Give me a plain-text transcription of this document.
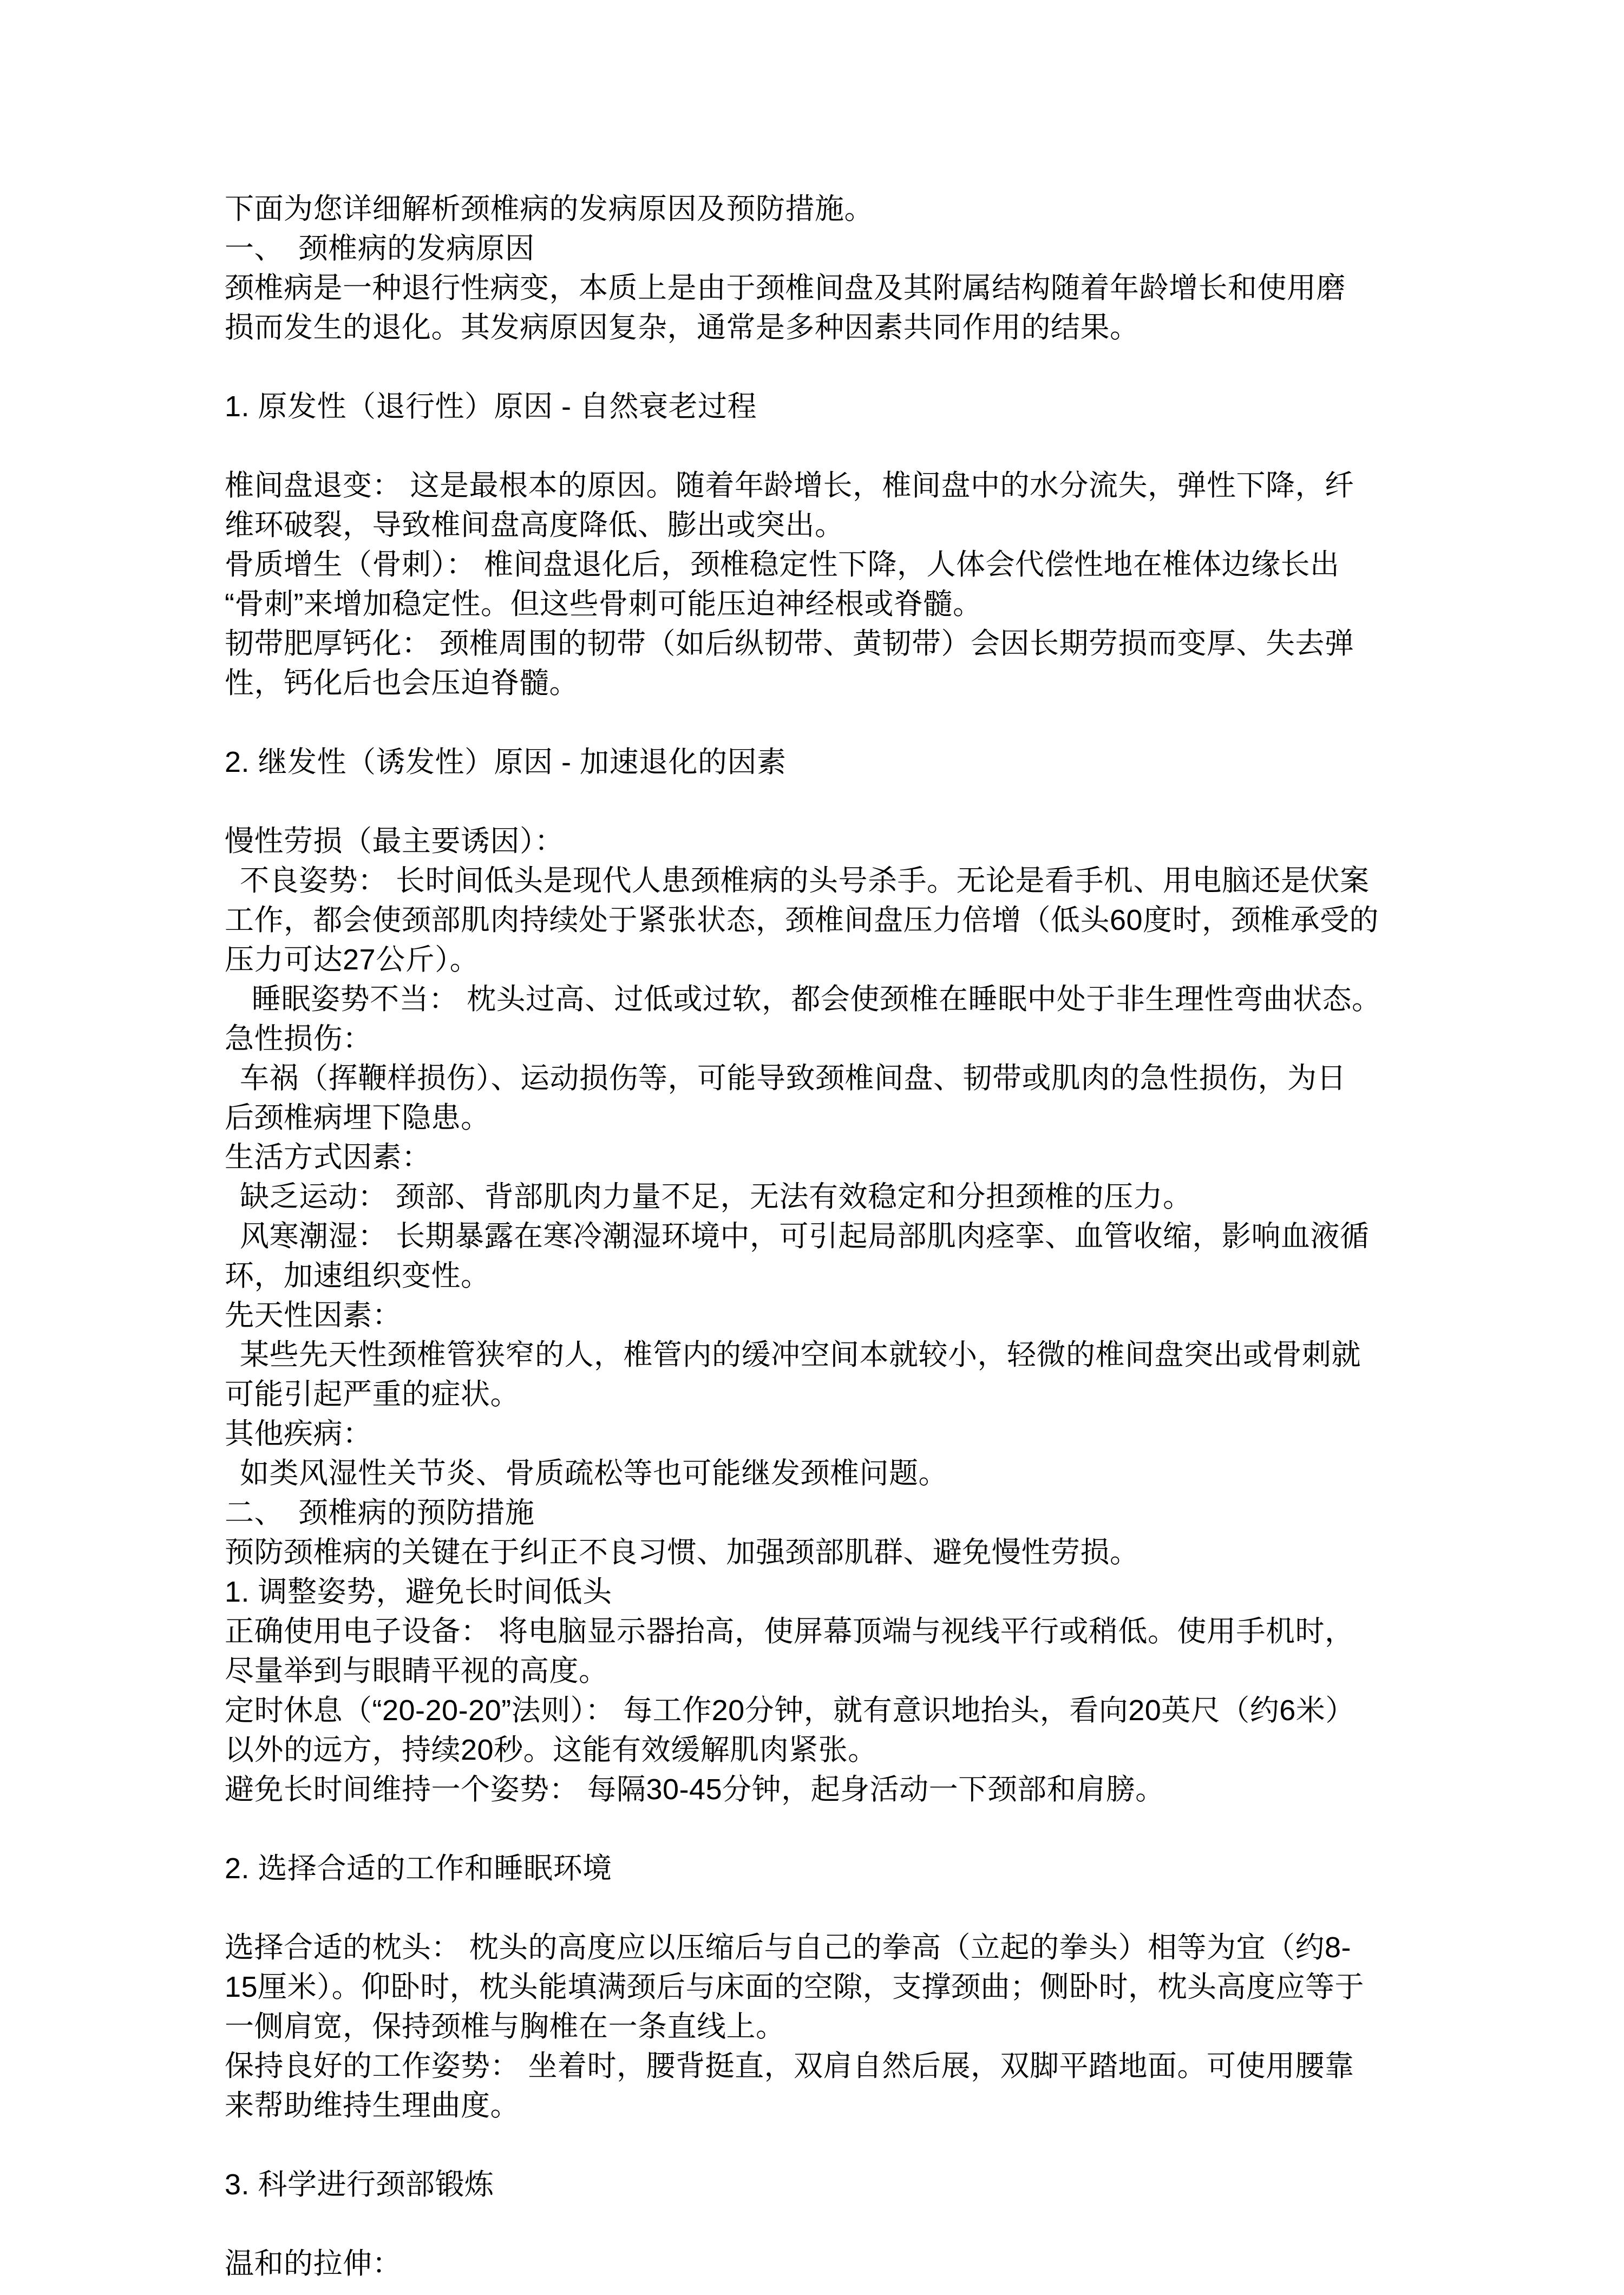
下面为您详细解析颈椎病的发病原因及预防措施。
一、　颈椎病的发病原因
颈椎病是一种退行性病变，本质上是由于颈椎间盘及其附属结构随着年龄增长和使用磨
损而发生的退化。其发病原因复杂，通常是多种因素共同作用的结果。

1. 原发性（退行性）原因 - 自然衰老过程

椎间盘退变： 这是最根本的原因。随着年龄增长，椎间盘中的水分流失，弹性下降，纤
维环破裂，导致椎间盘高度降低、膨出或突出。
骨质增生（骨刺）： 椎间盘退化后，颈椎稳定性下降，人体会代偿性地在椎体边缘长出
“骨刺”来增加稳定性。但这些骨刺可能压迫神经根或脊髓。
韧带肥厚钙化： 颈椎周围的韧带（如后纵韧带、黄韧带）会因长期劳损而变厚、失去弹
性，钙化后也会压迫脊髓。

2. 继发性（诱发性）原因 - 加速退化的因素

慢性劳损（最主要诱因）：
不良姿势： 长时间低头是现代人患颈椎病的头号杀手。无论是看手机、用电脑还是伏案
工作，都会使颈部肌肉持续处于紧张状态，颈椎间盘压力倍增（低头60度时，颈椎承受的
压力可达27公斤）。
睡眠姿势不当： 枕头过高、过低或过软，都会使颈椎在睡眠中处于非生理性弯曲状态。
急性损伤：
车祸（挥鞭样损伤）、运动损伤等，可能导致颈椎间盘、韧带或肌肉的急性损伤，为日
后颈椎病埋下隐患。
生活方式因素：
缺乏运动： 颈部、背部肌肉力量不足，无法有效稳定和分担颈椎的压力。
风寒潮湿： 长期暴露在寒冷潮湿环境中，可引起局部肌肉痉挛、血管收缩，影响血液循
环，加速组织变性。
先天性因素：
某些先天性颈椎管狭窄的人，椎管内的缓冲空间本就较小，轻微的椎间盘突出或骨刺就
可能引起严重的症状。
其他疾病：
如类风湿性关节炎、骨质疏松等也可能继发颈椎问题。
二、　颈椎病的预防措施
预防颈椎病的关键在于纠正不良习惯、加强颈部肌群、避免慢性劳损。
1. 调整姿势，避免长时间低头
正确使用电子设备： 将电脑显示器抬高，使屏幕顶端与视线平行或稍低。使用手机时，
尽量举到与眼睛平视的高度。
定时休息（“20-20-20”法则）： 每工作20分钟，就有意识地抬头，看向20英尺（约6米）
以外的远方，持续20秒。这能有效缓解肌肉紧张。
避免长时间维持一个姿势： 每隔30-45分钟，起身活动一下颈部和肩膀。

2. 选择合适的工作和睡眠环境

选择合适的枕头： 枕头的高度应以压缩后与自己的拳高（立起的拳头）相等为宜（约8-
15厘米）。仰卧时，枕头能填满颈后与床面的空隙，支撑颈曲；侧卧时，枕头高度应等于
一侧肩宽，保持颈椎与胸椎在一条直线上。
保持良好的工作姿势： 坐着时，腰背挺直，双肩自然后展，双脚平踏地面。可使用腰靠
来帮助维持生理曲度。

3. 科学进行颈部锻炼

温和的拉伸：
